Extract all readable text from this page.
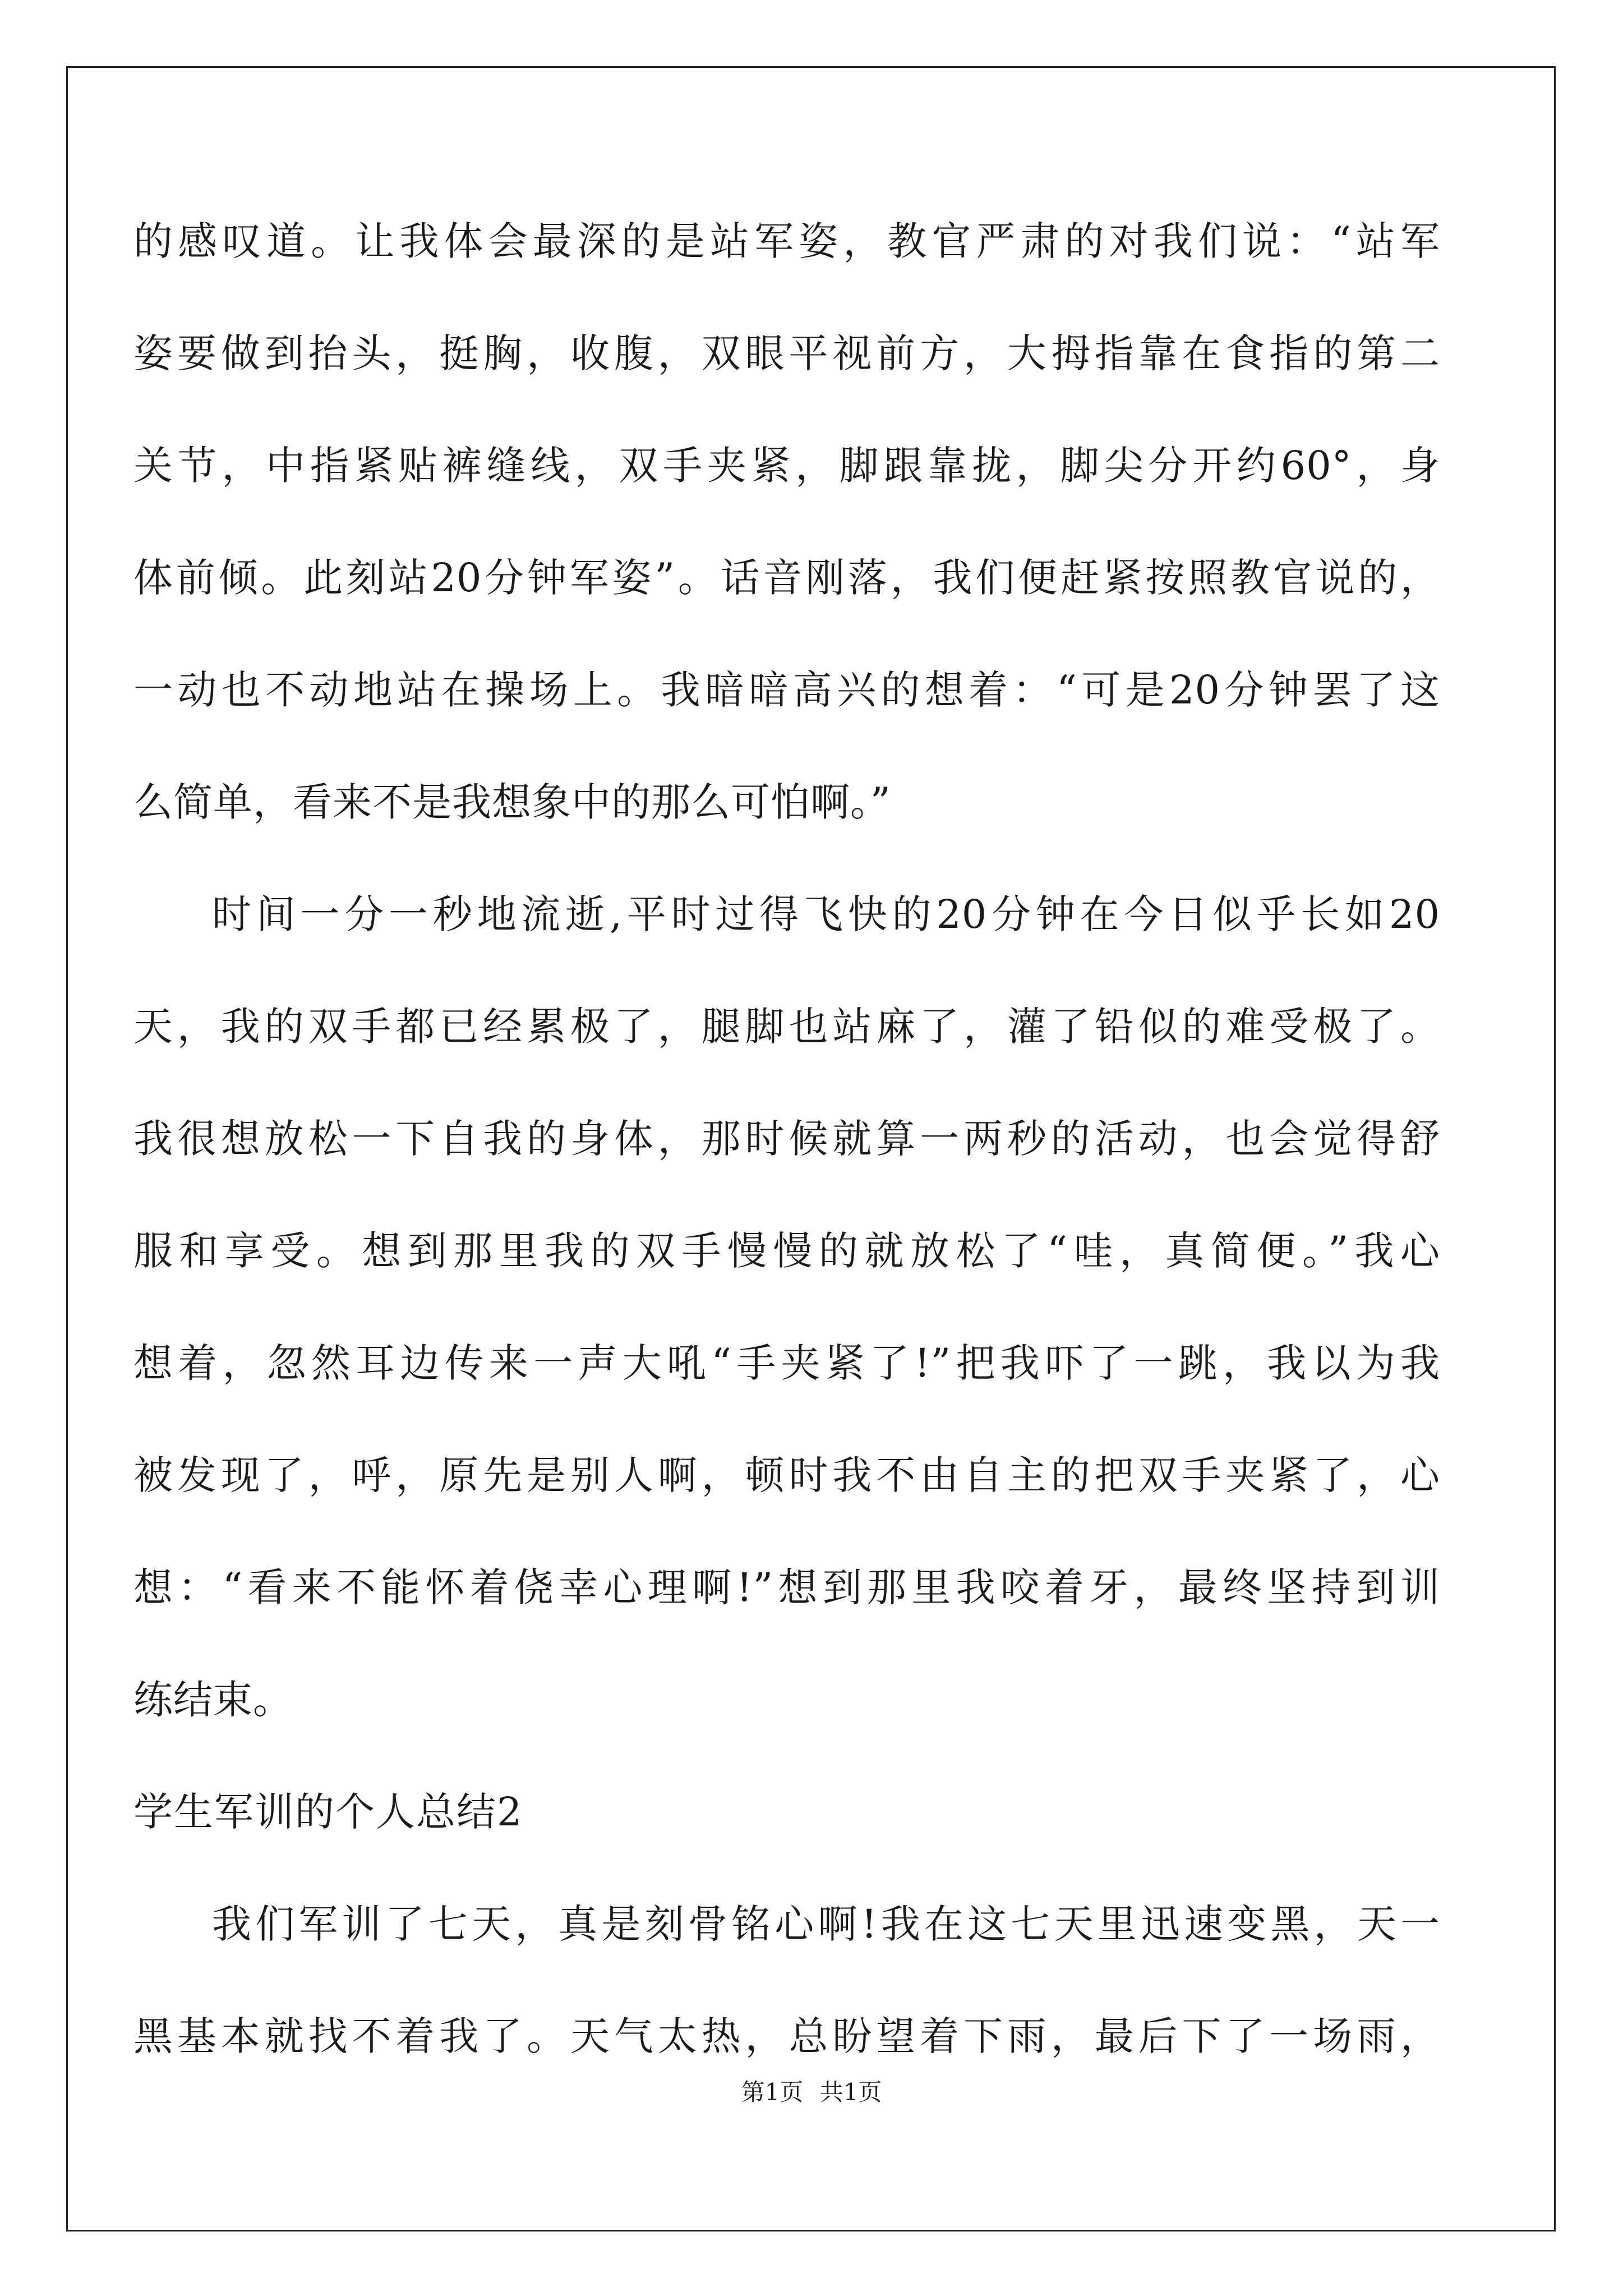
的感叹道。让我体会最深的是站军姿，教官严肃的对我们说：“站军
姿要做到抬头，挺胸，收腹，双眼平视前方，大拇指靠在食指的第二
关节，中指紧贴裤缝线，双手夹紧，脚跟靠拢，脚尖分开约60°，身
体前倾。此刻站20分钟军姿”。话音刚落，我们便赶紧按照教官说的，
一动也不动地站在操场上。我暗暗高兴的想着：“可是20分钟罢了这
么简单，看来不是我想象中的那么可怕啊。”
时间一分一秒地流逝,平时过得飞快的20分钟在今日似乎长如20
天，我的双手都已经累极了，腿脚也站麻了，灌了铅似的难受极了。
我很想放松一下自我的身体，那时候就算一两秒的活动，也会觉得舒
服和享受。想到那里我的双手慢慢的就放松了“哇，真简便。”我心
想着，忽然耳边传来一声大吼“手夹紧了!”把我吓了一跳，我以为我
被发现了，呼，原先是别人啊，顿时我不由自主的把双手夹紧了，心
想：“看来不能怀着侥幸心理啊!”想到那里我咬着牙，最终坚持到训
练结束。
学生军训的个人总结2
我们军训了七天，真是刻骨铭心啊!我在这七天里迅速变黑，天一
黑基本就找不着我了。天气太热，总盼望着下雨，最后下了一场雨，
第1页 共1页
